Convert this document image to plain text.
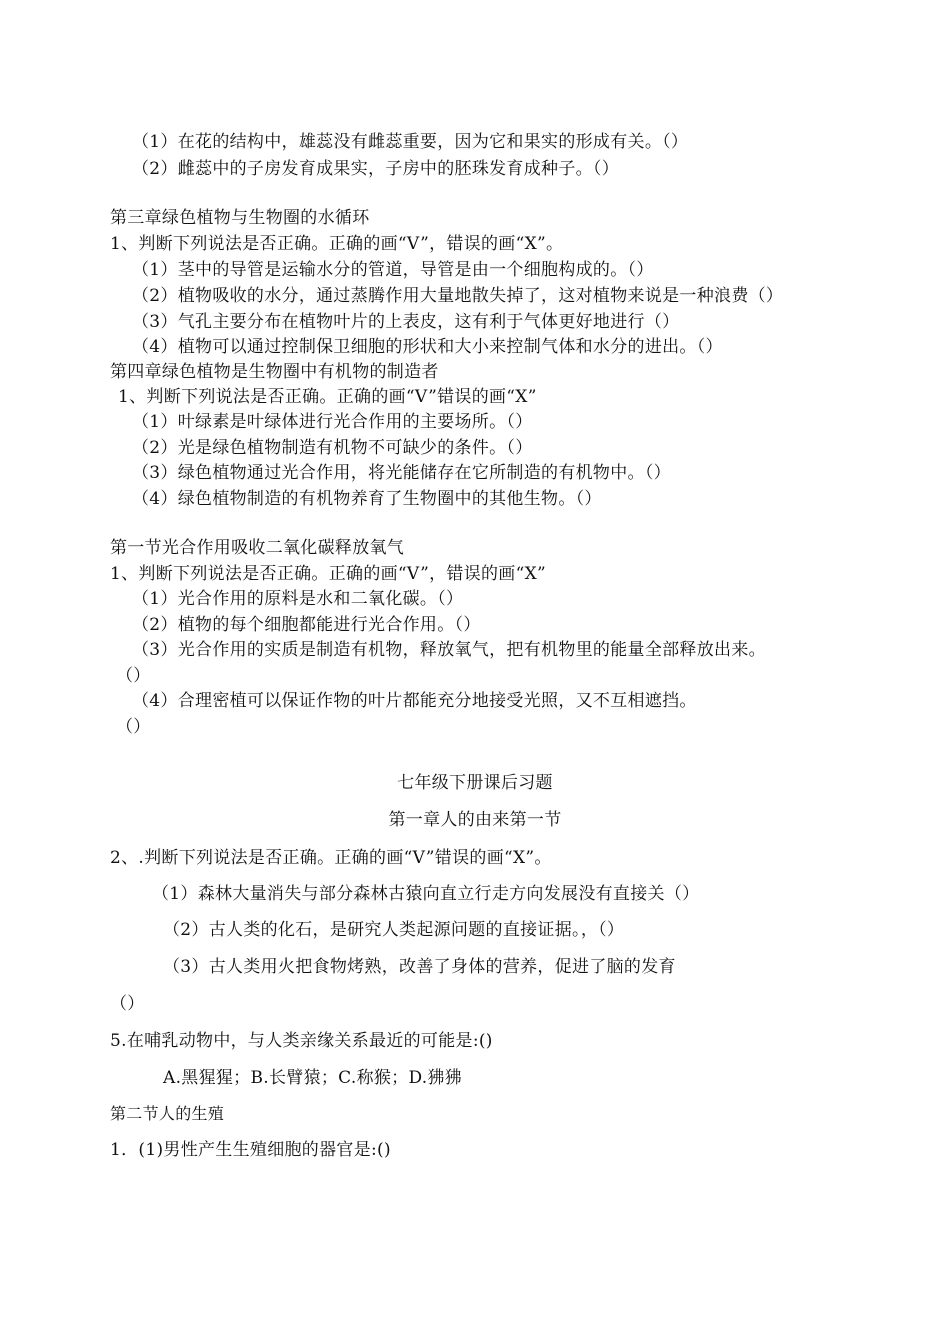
（1）在花的结构中，雄蕊没有雌蕊重要，因为它和果实的形成有关。（）
（2）雌蕊中的子房发育成果实，子房中的胚珠发育成种子。（）
第三章绿色植物与生物圈的水循环
1、判断下列说法是否正确。正确的画“V”，错误的画“X”。
（1）茎中的导管是运输水分的管道，导管是由一个细胞构成的。（）
（2）植物吸收的水分，通过蒸腾作用大量地散失掉了，这对植物来说是一种浪费（）
（3）气孔主要分布在植物叶片的上表皮，这有利于气体更好地进行（）
（4）植物可以通过控制保卫细胞的形状和大小来控制气体和水分的进出。（）
第四章绿色植物是生物圈中有机物的制造者
1、判断下列说法是否正确。正确的画“V”错误的画“X”
（1）叶绿素是叶绿体进行光合作用的主要场所。（）
（2）光是绿色植物制造有机物不可缺少的条件。（）
（3）绿色植物通过光合作用，将光能储存在它所制造的有机物中。（）
（4）绿色植物制造的有机物养育了生物圈中的其他生物。（）
第一节光合作用吸收二氧化碳释放氧气
1、判断下列说法是否正确。正确的画“V”，错误的画“X”
（1）光合作用的原料是水和二氧化碳。（）
（2）植物的每个细胞都能进行光合作用。（）
（3）光合作用的实质是制造有机物，释放氧气，把有机物里的能量全部释放出来。
（）
（4）合理密植可以保证作物的叶片都能充分地接受光照，又不互相遮挡。
（）
七年级下册课后习题
第一章人的由来第一节
2、.判断下列说法是否正确。正确的画“V”错误的画“X”。
（1）森林大量消失与部分森林古猿向直立行走方向发展没有直接关（）
（2）古人类的化石，是研究人类起源问题的直接证据。，（）
（3）古人类用火把食物烤熟，改善了身体的营养，促进了脑的发育
（）
5.在哺乳动物中，与人类亲缘关系最近的可能是:()
A.黑猩猩；B.长臂猿；C.称猴；D.狒狒
第二节人的生殖
1．(1)男性产生生殖细胞的器官是:()
